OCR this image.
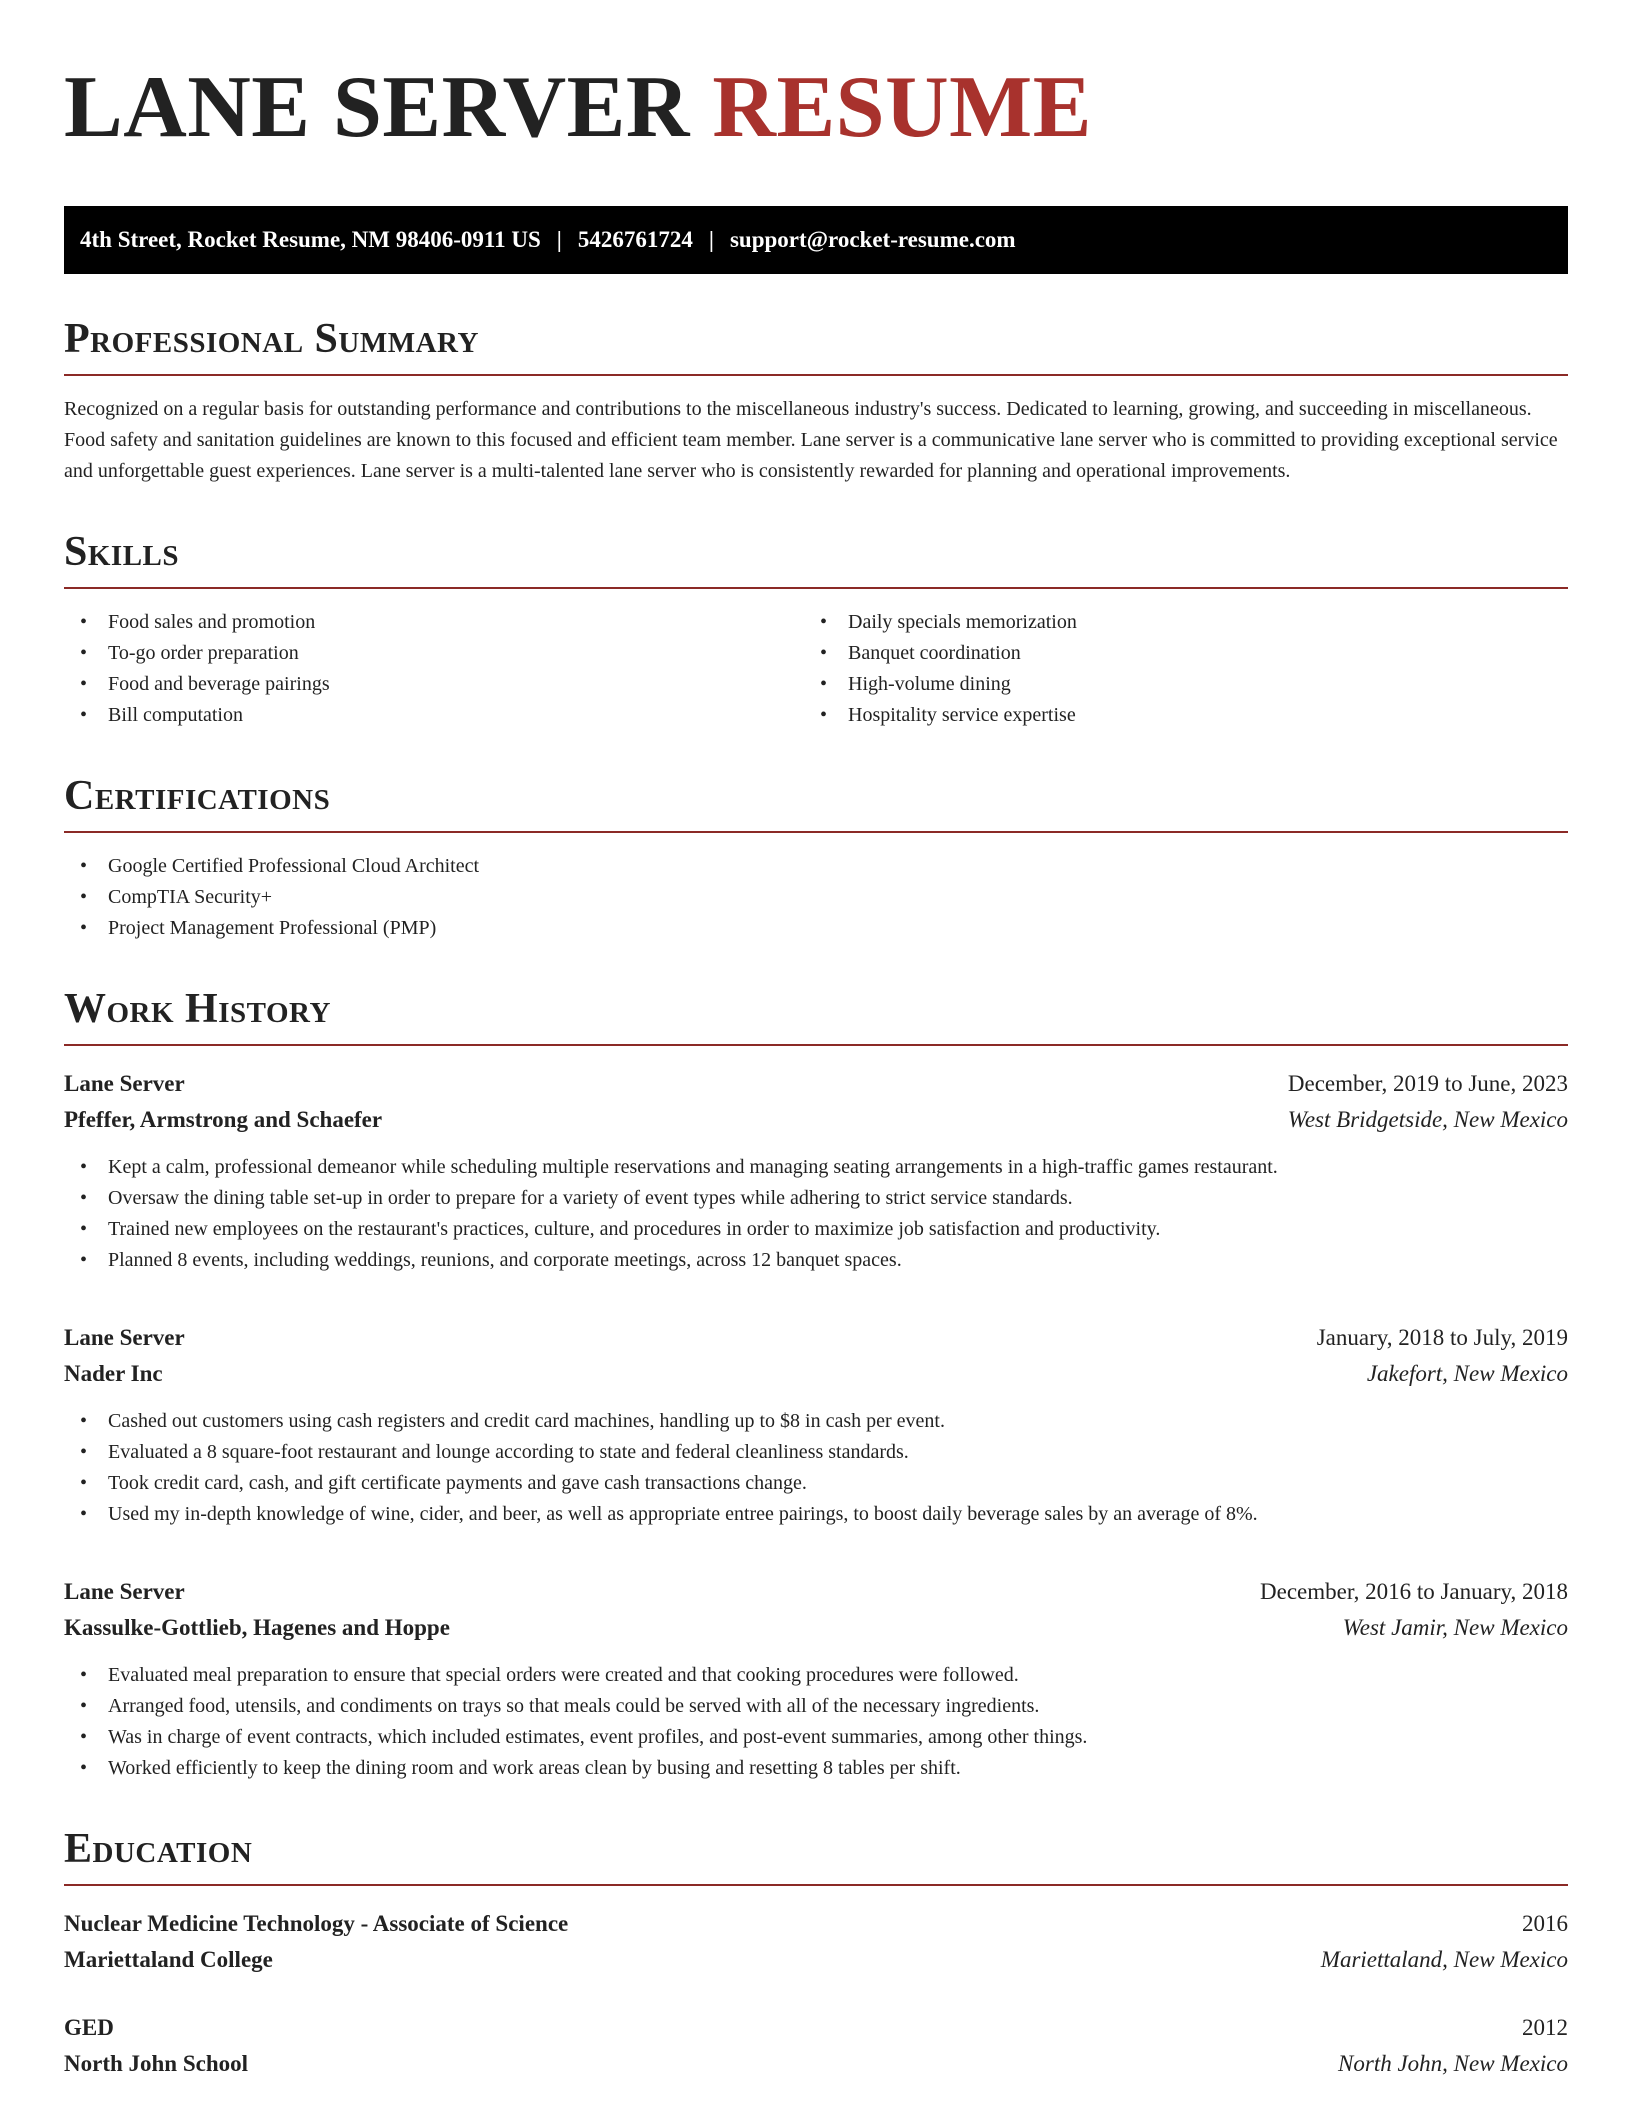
LANE SERVER RESUME
4th Street, Rocket Resume, NM 98406-0911 US | 5426761724 | support@rocket-resume.com
Professional Summary

Recognized on a regular basis for outstanding performance and contributions to the miscellaneous industry's success. Dedicated to learning, growing, and succeeding in miscellaneous. Food safety and sanitation guidelines are known to this focused and efficient team member. Lane server is a communicative lane server who is committed to providing exceptional service and unforgettable guest experiences. Lane server is a multi-talented lane server who is consistently rewarded for planning and operational improvements.

Skills
• Food sales and promotion
• To-go order preparation
• Food and beverage pairings
• Bill computation
• Daily specials memorization
• Banquet coordination
• High-volume dining
• Hospitality service expertise
Certifications
• Google Certified Professional Cloud Architect
• CompTIA Security+
• Project Management Professional (PMP)
Work History
Lane Server	December, 2019 to June, 2023
Pfeffer, Armstrong and Schaefer	West Bridgetside, New Mexico
• Kept a calm, professional demeanor while scheduling multiple reservations and managing seating arrangements in a high-traffic games restaurant.
• Oversaw the dining table set-up in order to prepare for a variety of event types while adhering to strict service standards.
• Trained new employees on the restaurant's practices, culture, and procedures in order to maximize job satisfaction and productivity.
• Planned 8 events, including weddings, reunions, and corporate meetings, across 12 banquet spaces.
Lane Server	January, 2018 to July, 2019
Nader Inc	Jakefort, New Mexico
• Cashed out customers using cash registers and credit card machines, handling up to $8 in cash per event.
• Evaluated a 8 square-foot restaurant and lounge according to state and federal cleanliness standards.
• Took credit card, cash, and gift certificate payments and gave cash transactions change.
• Used my in-depth knowledge of wine, cider, and beer, as well as appropriate entree pairings, to boost daily beverage sales by an average of 8%.
Lane Server	December, 2016 to January, 2018
Kassulke-Gottlieb, Hagenes and Hoppe	West Jamir, New Mexico
• Evaluated meal preparation to ensure that special orders were created and that cooking procedures were followed.
• Arranged food, utensils, and condiments on trays so that meals could be served with all of the necessary ingredients.
• Was in charge of event contracts, which included estimates, event profiles, and post-event summaries, among other things.
• Worked efficiently to keep the dining room and work areas clean by busing and resetting 8 tables per shift.
Education
Nuclear Medicine Technology - Associate of Science	2016
Mariettaland College	Mariettaland, New Mexico
GED	2012
North John School	North John, New Mexico
